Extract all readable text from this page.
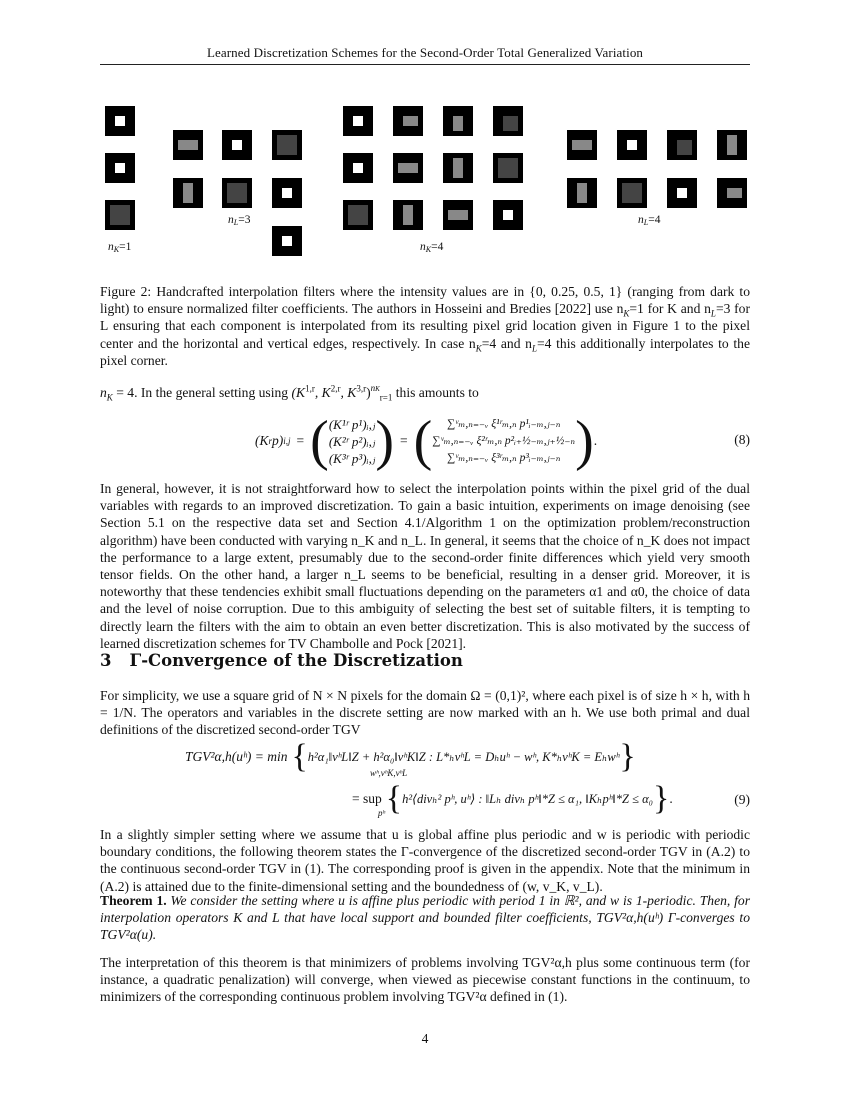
Learned Discretization Schemes for the Second-Order Total Generalized Variation
$n_K=1$
$n_L=3$
$n_K=4$
$n_L=4$
Figure 2: Handcrafted interpolation filters where the intensity values are in {0, 0.25, 0.5, 1} (ranging from dark to light) to ensure normalized filter coefficients. The authors in Hosseini and Bredies [2022] use $n_K=1$ for K and $n_L=3$ for L ensuring that each component is interpolated from its resulting pixel grid location given in Figure 1 to the pixel center and the horizontal and vertical edges, respectively. In case $n_K=4$ and $n_L=4$ this additionally interpolates to the pixel corner.
$n_K = 4$. In the general setting using ($K^{1,r}$, K$^{2,r}$, K$^{3,r}$)$^{nK}_{r=1}$ this amounts to
(K r p) i,j = ( (K¹ʳ p¹)ᵢ,ⱼ
(K²ʳ p²)ᵢ,ⱼ
(K³ʳ p³)ᵢ,ⱼ ) = (	∑ᵛₘ,ₙ₌₋ᵥ ξ¹ʳₘ,ₙ p¹ᵢ₋ₘ,ⱼ₋ₙ
∑ᵛₘ,ₙ₌₋ᵥ ξ²ʳₘ,ₙ p²ᵢ₊½₋ₘ,ⱼ₊½₋ₙ
∑ᵛₘ,ₙ₌₋ᵥ ξ³ʳₘ,ₙ p³ᵢ₋ₘ,ⱼ₋ₙ ) .	(8)

In general, however, it is not straightforward how to select the interpolation points within the pixel grid of the dual variables with regards to an improved discretization. To gain a basic intuition, experiments on image denoising (see Section 5.1 on the respective data set and Section 4.1/Algorithm 1 on the optimization problem/reconstruction algorithm) have been conducted with varying n_K and n_L. In general, it seems that the choice of n_K does not impact the performance to a large extent, presumably due to the second-order finite differences which yield very smooth tensor fields. On the other hand, a larger n_L seems to be beneficial, resulting in a denser grid. Moreover, it is noteworthy that these tendencies exhibit small fluctuations depending on the parameters α1 and α0, the choice of data and the level of noise corruption. Due to this ambiguity of selecting the best set of suitable filters, it is tempting to directly learn the filters with the aim to obtain an even better discretization. This is also motivated by the success of learned discretization schemes for TV Chambolle and Pock [2021].

3 Γ-Convergence of the Discretization

For simplicity, we use a square grid of N × N pixels for the domain Ω = (0,1)², where each pixel is of size h × h, with h = 1/N. The operators and variables in the discrete setting are now marked with an h. We use both primal and dual definitions of the discretized second-order TGV

TGV²α,h(uʰ) = min { h²α₁‖vʰL‖Z + h²α₀‖vʰK‖Z : L*ₕvʰL = Dₕuʰ − wʰ, K*ₕvʰK = Eₕwʰ }
wʰ,vʰK,vʰL
= sup { h²⟨divₕ² pʰ, uʰ⟩ : ‖Lₕ divₕ pʰ‖*Z ≤ α₁, ‖Kₕpʰ‖*Z ≤ α₀ } .
pʰ
(9)

In a slightly simpler setting where we assume that u is global affine plus periodic and w is periodic with periodic boundary conditions, the following theorem states the Γ-convergence of the discretized second-order TGV in (A.2) to the continuous second-order TGV in (1). The corresponding proof is given in the appendix. Note that the minimum in (A.2) is attained due to the finite-dimensional setting and the boundedness of (w, v_K, v_L).

Theorem 1. We consider the setting where u is affine plus periodic with period 1 in ℝ², and w is 1-periodic. Then, for interpolation operators K and L that have local support and bounded filter coefficients, TGV²α,h(uʰ) Γ-converges to TGV²α(u).

The interpretation of this theorem is that minimizers of problems involving TGV²α,h plus some continuous term (for instance, a quadratic penalization) will converge, when viewed as piecewise constant functions in the continuum, to minimizers of the corresponding continuous problem involving TGV²α defined in (1).

4
